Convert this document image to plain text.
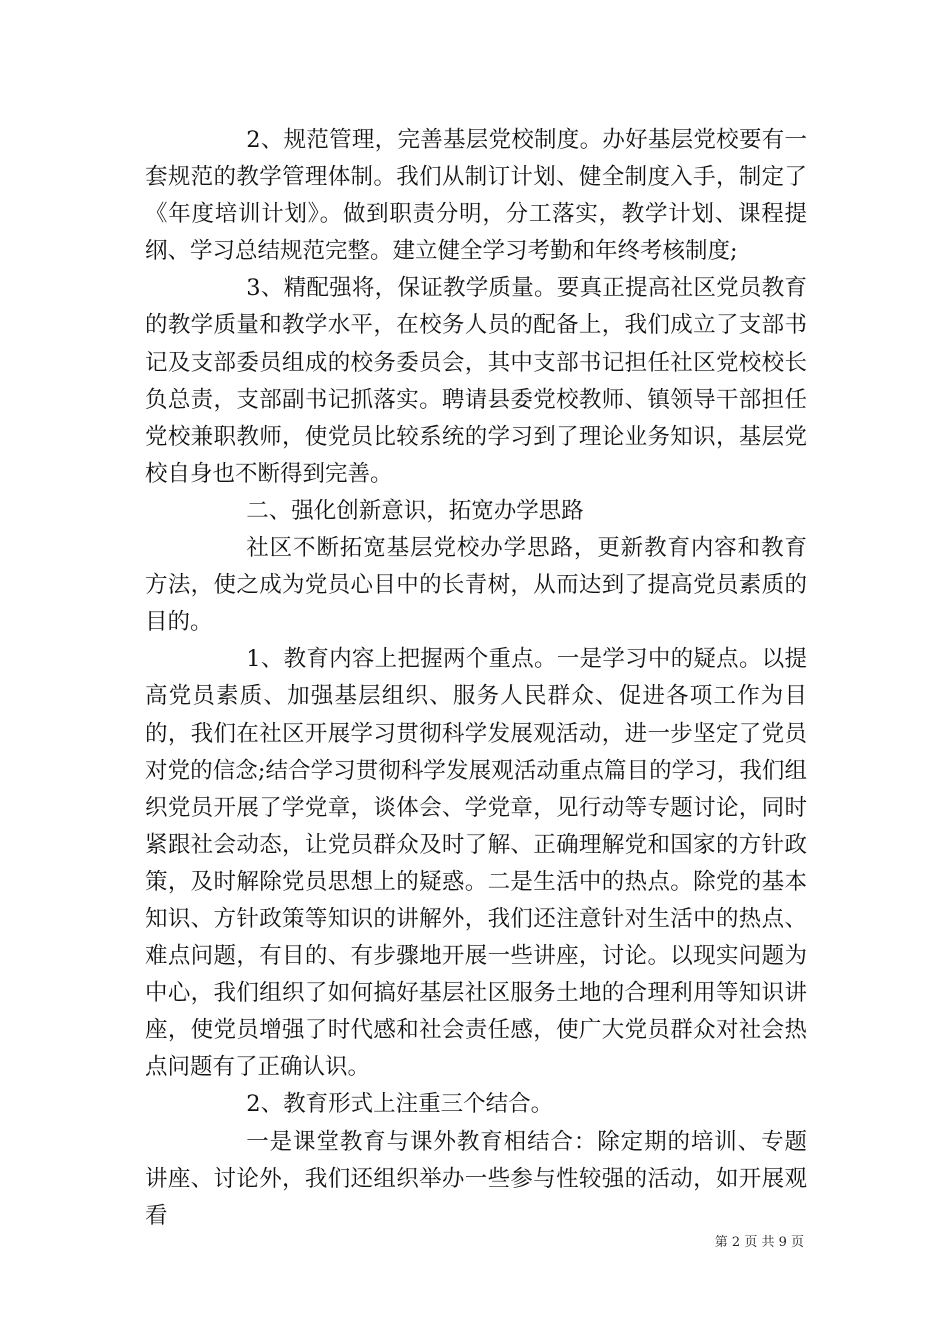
2、规范管理，完善基层党校制度。办好基层党校要有一套规范的教学管理体制。我们从制订计划、健全制度入手，制定了《年度培训计划》。做到职责分明，分工落实，教学计划、课程提纲、学习总结规范完整。建立健全学习考勤和年终考核制度;

3、精配强将，保证教学质量。要真正提高社区党员教育的教学质量和教学水平，在校务人员的配备上，我们成立了支部书记及支部委员组成的校务委员会，其中支部书记担任社区党校校长负总责，支部副书记抓落实。聘请县委党校教师、镇领导干部担任党校兼职教师，使党员比较系统的学习到了理论业务知识，基层党校自身也不断得到完善。

二、强化创新意识，拓宽办学思路

社区不断拓宽基层党校办学思路，更新教育内容和教育方法，使之成为党员心目中的长青树，从而达到了提高党员素质的目的。

1、教育内容上把握两个重点。一是学习中的疑点。以提高党员素质、加强基层组织、服务人民群众、促进各项工作为目的，我们在社区开展学习贯彻科学发展观活动，进一步坚定了党员对党的信念;结合学习贯彻科学发展观活动重点篇目的学习，我们组织党员开展了学党章，谈体会、学党章，见行动等专题讨论，同时紧跟社会动态，让党员群众及时了解、正确理解党和国家的方针政策，及时解除党员思想上的疑惑。二是生活中的热点。除党的基本知识、方针政策等知识的讲解外，我们还注意针对生活中的热点、难点问题，有目的、有步骤地开展一些讲座，讨论。以现实问题为中心，我们组织了如何搞好基层社区服务土地的合理利用等知识讲座，使党员增强了时代感和社会责任感，使广大党员群众对社会热点问题有了正确认识。

2、教育形式上注重三个结合。

一是课堂教育与课外教育相结合：除定期的培训、专题讲座、讨论外，我们还组织举办一些参与性较强的活动，如开展观看

第 2 页 共 9 页
